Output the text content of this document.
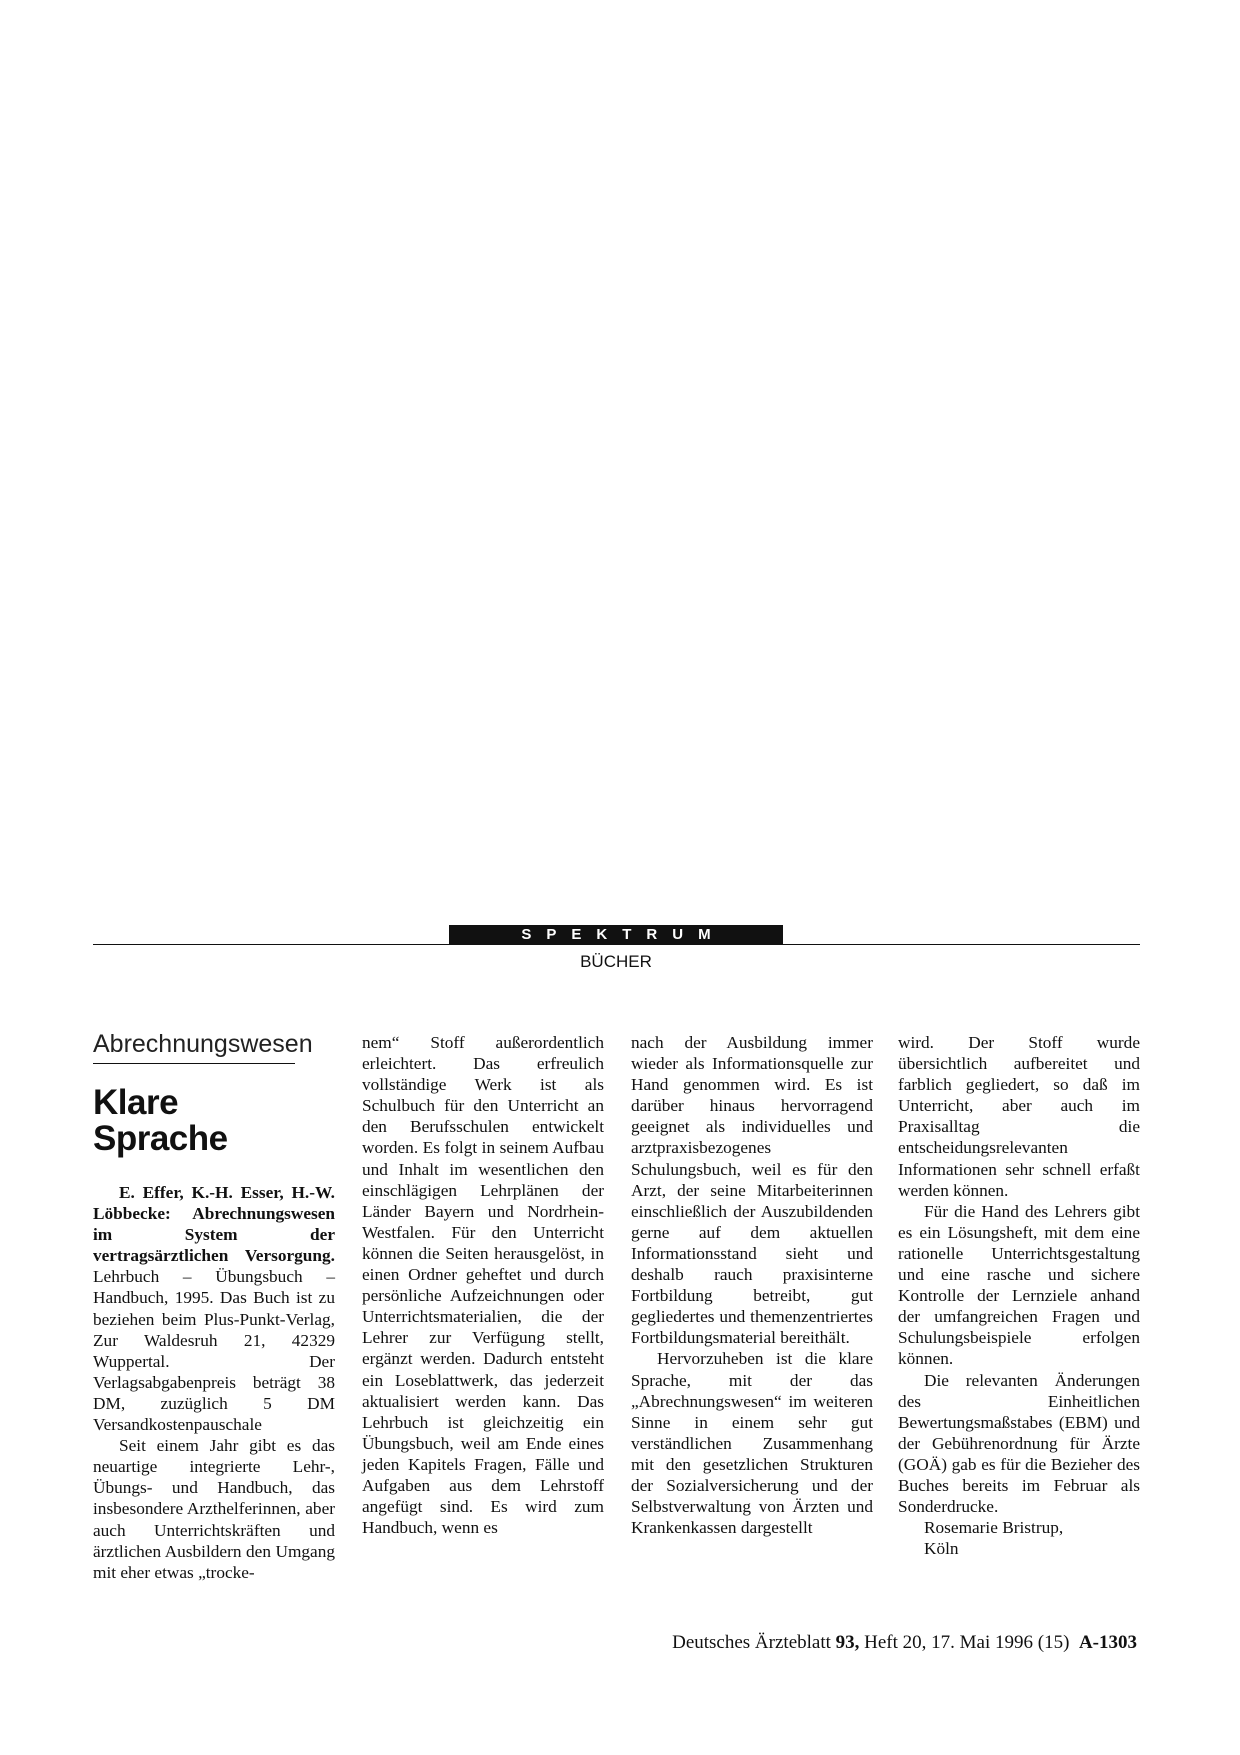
SPEKTRUM
BÜCHER
Abrechnungswesen
Klare Sprache

E. Effer, K.-H. Esser, H.-W. Löbbecke: Abrechnungswesen im System der vertragsärztlichen Versorgung. Lehrbuch – Übungsbuch – Handbuch, 1995. Das Buch ist zu beziehen beim Plus-Punkt-Verlag, Zur Waldesruh 21, 42329 Wuppertal. Der Verlagsabgabenpreis beträgt 38 DM, zuzüglich 5 DM Versandkostenpauschale

Seit einem Jahr gibt es das neuartige integrierte Lehr-, Übungs- und Handbuch, das insbesondere Arzthelferinnen, aber auch Unterrichtskräften und ärztlichen Ausbildern den Umgang mit eher etwas „trocke-

nem“ Stoff außerordentlich erleichtert. Das erfreulich vollständige Werk ist als Schulbuch für den Unterricht an den Berufsschulen entwickelt worden. Es folgt in seinem Aufbau und Inhalt im wesentlichen den einschlägigen Lehrplänen der Länder Bayern und Nordrhein-Westfalen. Für den Unterricht können die Seiten herausgelöst, in einen Ordner geheftet und durch persönliche Aufzeichnungen oder Unterrichtsmaterialien, die der Lehrer zur Verfügung stellt, ergänzt werden. Dadurch entsteht ein Loseblattwerk, das jederzeit aktualisiert werden kann. Das Lehrbuch ist gleichzeitig ein Übungsbuch, weil am Ende eines jeden Kapitels Fragen, Fälle und Aufgaben aus dem Lehrstoff angefügt sind. Es wird zum Handbuch, wenn es

nach der Ausbildung immer wieder als Informationsquelle zur Hand genommen wird. Es ist darüber hinaus hervorragend geeignet als individuelles und arztpraxisbezogenes Schulungsbuch, weil es für den Arzt, der seine Mitarbeiterinnen einschließlich der Auszubildenden gerne auf dem aktuellen Informationsstand sieht und deshalb rauch praxisinterne Fortbildung betreibt, gut gegliedertes und themenzentriertes Fortbildungsmaterial bereithält.

Hervorzuheben ist die klare Sprache, mit der das „Abrechnungswesen“ im weiteren Sinne in einem sehr gut verständlichen Zusammenhang mit den gesetzlichen Strukturen der Sozialversicherung und der Selbstverwaltung von Ärzten und Krankenkassen dargestellt

wird. Der Stoff wurde übersichtlich aufbereitet und farblich gegliedert, so daß im Unterricht, aber auch im Praxisalltag die entscheidungsrelevanten Informationen sehr schnell erfaßt werden können.

Für die Hand des Lehrers gibt es ein Lösungsheft, mit dem eine rationelle Unterrichtsgestaltung und eine rasche und sichere Kontrolle der Lernziele anhand der umfangreichen Fragen und Schulungsbeispiele erfolgen können.

Die relevanten Änderungen des Einheitlichen Bewertungsmaßstabes (EBM) und der Gebührenordnung für Ärzte (GOÄ) gab es für die Bezieher des Buches bereits im Februar als Sonderdrucke.

Rosemarie Bristrup,

Köln

Deutsches Ärzteblatt 93, Heft 20, 17. Mai 1996 (15) A-1303
